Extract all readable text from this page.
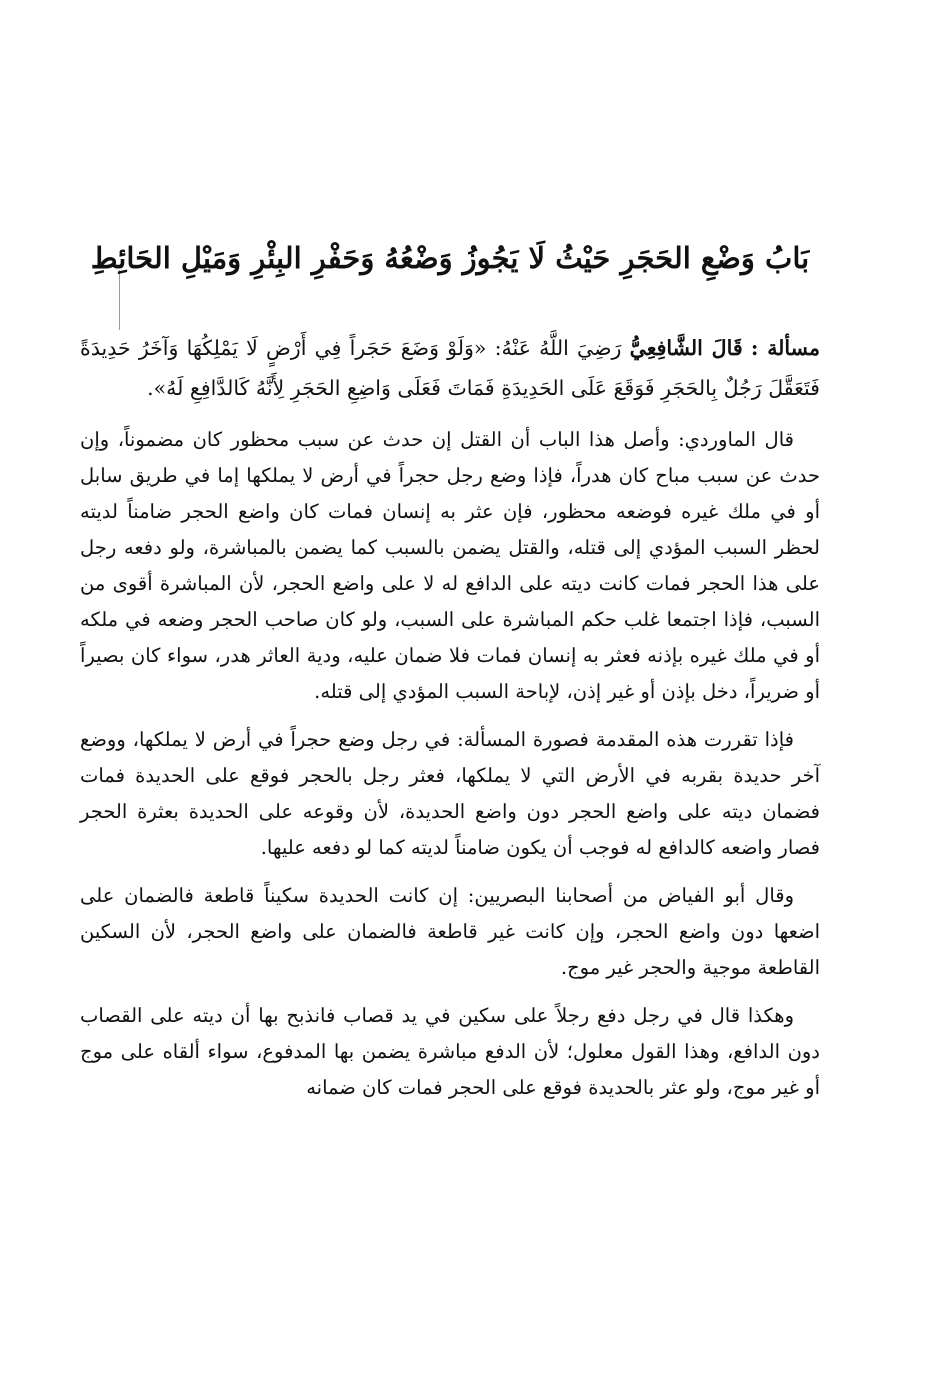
بَابُ وَضْعِ الحَجَرِ حَيْثُ لَا يَجُوزُ وَضْعُهُ وَحَفْرِ البِئْرِ وَمَيْلِ الحَائِطِ

مسألة : قَالَ الشَّافِعِيُّ رَضِيَ اللَّهُ عَنْهُ: «وَلَوْ وَضَعَ حَجَراً فِي أَرْضٍ لَا يَمْلِكُهَا وَآخَرُ حَدِيدَةً فَتَعَقَّلَ رَجُلٌ بِالحَجَرِ فَوَقَعَ عَلَى الحَدِيدَةِ فَمَاتَ فَعَلَى وَاضِعِ الحَجَرِ لِأَنَّهُ كَالدَّافِعِ لَهُ».

قال الماوردي: وأصل هذا الباب أن القتل إن حدث عن سبب محظور كان مضموناً، وإن حدث عن سبب مباح كان هدراً، فإذا وضع رجل حجراً في أرض لا يملكها إما في طريق سابل أو في ملك غيره فوضعه محظور، فإن عثر به إنسان فمات كان واضع الحجر ضامناً لديته لحظر السبب المؤدي إلى قتله، والقتل يضمن بالسبب كما يضمن بالمباشرة، ولو دفعه رجل على هذا الحجر فمات كانت ديته على الدافع له لا على واضع الحجر، لأن المباشرة أقوى من السبب، فإذا اجتمعا غلب حكم المباشرة على السبب، ولو كان صاحب الحجر وضعه في ملكه أو في ملك غيره بإذنه فعثر به إنسان فمات فلا ضمان عليه، ودية العاثر هدر، سواء كان بصيراً أو ضريراً، دخل بإذن أو غير إذن، لإباحة السبب المؤدي إلى قتله.

فإذا تقررت هذه المقدمة فصورة المسألة: في رجل وضع حجراً في أرض لا يملكها، ووضع آخر حديدة بقربه في الأرض التي لا يملكها، فعثر رجل بالحجر فوقع على الحديدة فمات فضمان ديته على واضع الحجر دون واضع الحديدة، لأن وقوعه على الحديدة بعثرة الحجر فصار واضعه كالدافع له فوجب أن يكون ضامناً لديته كما لو دفعه عليها.

وقال أبو الفياض من أصحابنا البصريين: إن كانت الحديدة سكيناً قاطعة فالضمان على اضعها دون واضع الحجر، وإن كانت غير قاطعة فالضمان على واضع الحجر، لأن السكين القاطعة موجية والحجر غير موج.

وهكذا قال في رجل دفع رجلاً على سكين في يد قصاب فانذبح بها أن ديته على القصاب دون الدافع، وهذا القول معلول؛ لأن الدفع مباشرة يضمن بها المدفوع، سواء ألقاه على موج أو غير موج، ولو عثر بالحديدة فوقع على الحجر فمات كان ضمانه
